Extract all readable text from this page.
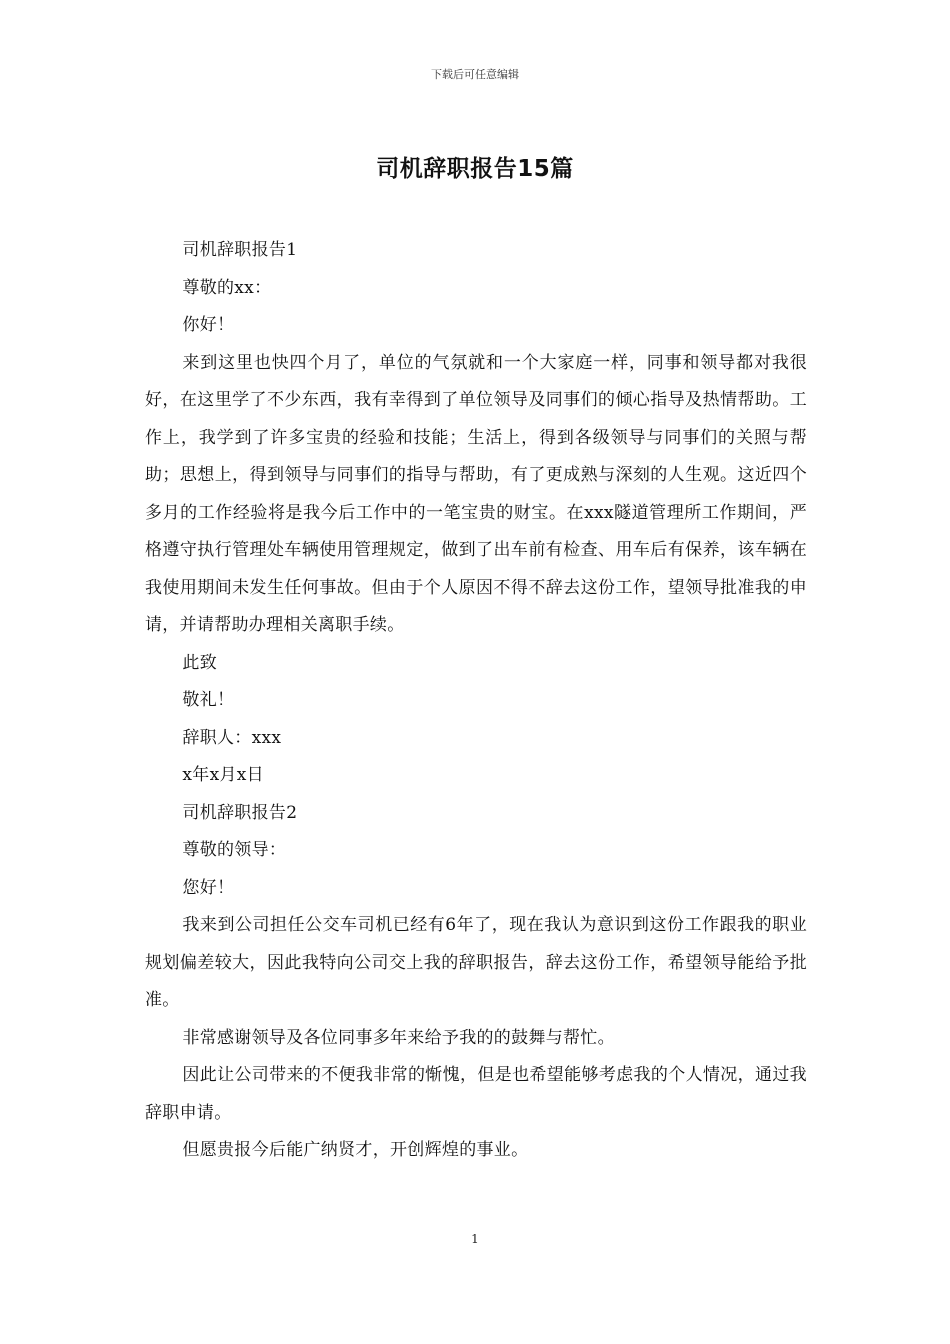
下载后可任意编辑
司机辞职报告15篇

司机辞职报告1

尊敬的xx：

你好！

来到这里也快四个月了，单位的气氛就和一个大家庭一样，同事和领导都对我很好，在这里学了不少东西，我有幸得到了单位领导及同事们的倾心指导及热情帮助。工作上，我学到了许多宝贵的经验和技能；生活上，得到各级领导与同事们的关照与帮助；思想上，得到领导与同事们的指导与帮助，有了更成熟与深刻的人生观。这近四个多月的工作经验将是我今后工作中的一笔宝贵的财宝。在xxx隧道管理所工作期间，严格遵守执行管理处车辆使用管理规定，做到了出车前有检查、用车后有保养，该车辆在我使用期间未发生任何事故。但由于个人原因不得不辞去这份工作，望领导批准我的申请，并请帮助办理相关离职手续。

此致

敬礼！

辞职人：xxx

x年x月x日

司机辞职报告2

尊敬的领导：

您好！

我来到公司担任公交车司机已经有6年了，现在我认为意识到这份工作跟我的职业规划偏差较大，因此我特向公司交上我的辞职报告，辞去这份工作，希望领导能给予批准。

非常感谢领导及各位同事多年来给予我的的鼓舞与帮忙。

因此让公司带来的不便我非常的惭愧，但是也希望能够考虑我的个人情况，通过我辞职申请。

但愿贵报今后能广纳贤才，开创辉煌的事业。

1
